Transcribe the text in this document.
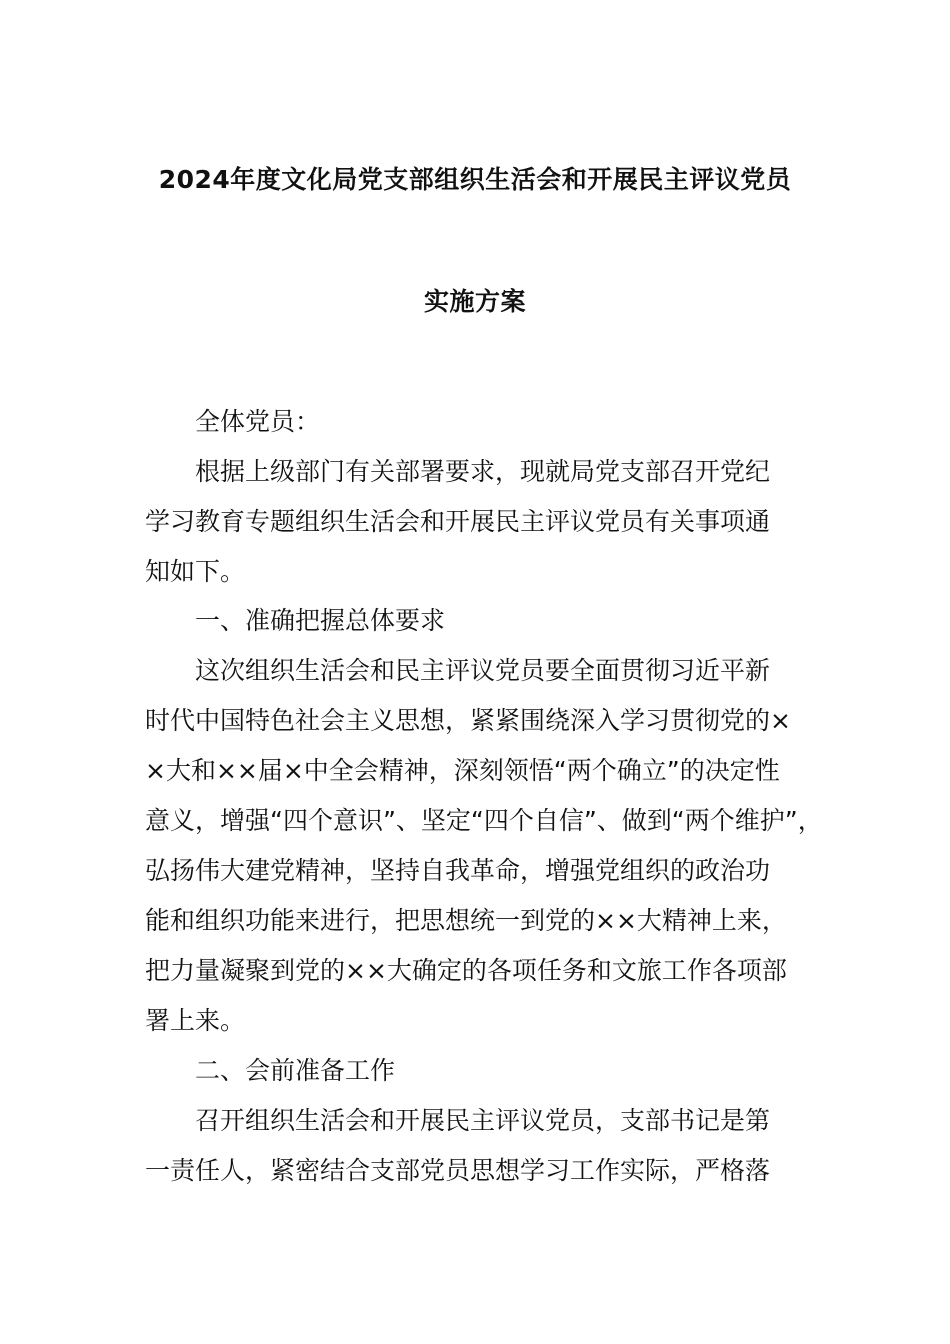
2024年度文化局党支部组织生活会和开展民主评议党员
实施方案
全体党员：
根据上级部门有关部署要求，现就局党支部召开党纪
学习教育专题组织生活会和开展民主评议党员有关事项通
知如下。
一、准确把握总体要求
这次组织生活会和民主评议党员要全面贯彻习近平新
时代中国特色社会主义思想，紧紧围绕深入学习贯彻党的×
×大和××届×中全会精神，深刻领悟“两个确立”的决定性
意义，增强“四个意识”、坚定“四个自信”、做到“两个维护”，
弘扬伟大建党精神，坚持自我革命，增强党组织的政治功
能和组织功能来进行，把思想统一到党的××大精神上来，
把力量凝聚到党的××大确定的各项任务和文旅工作各项部
署上来。
二、会前准备工作
召开组织生活会和开展民主评议党员，支部书记是第
一责任人，紧密结合支部党员思想学习工作实际，严格落
